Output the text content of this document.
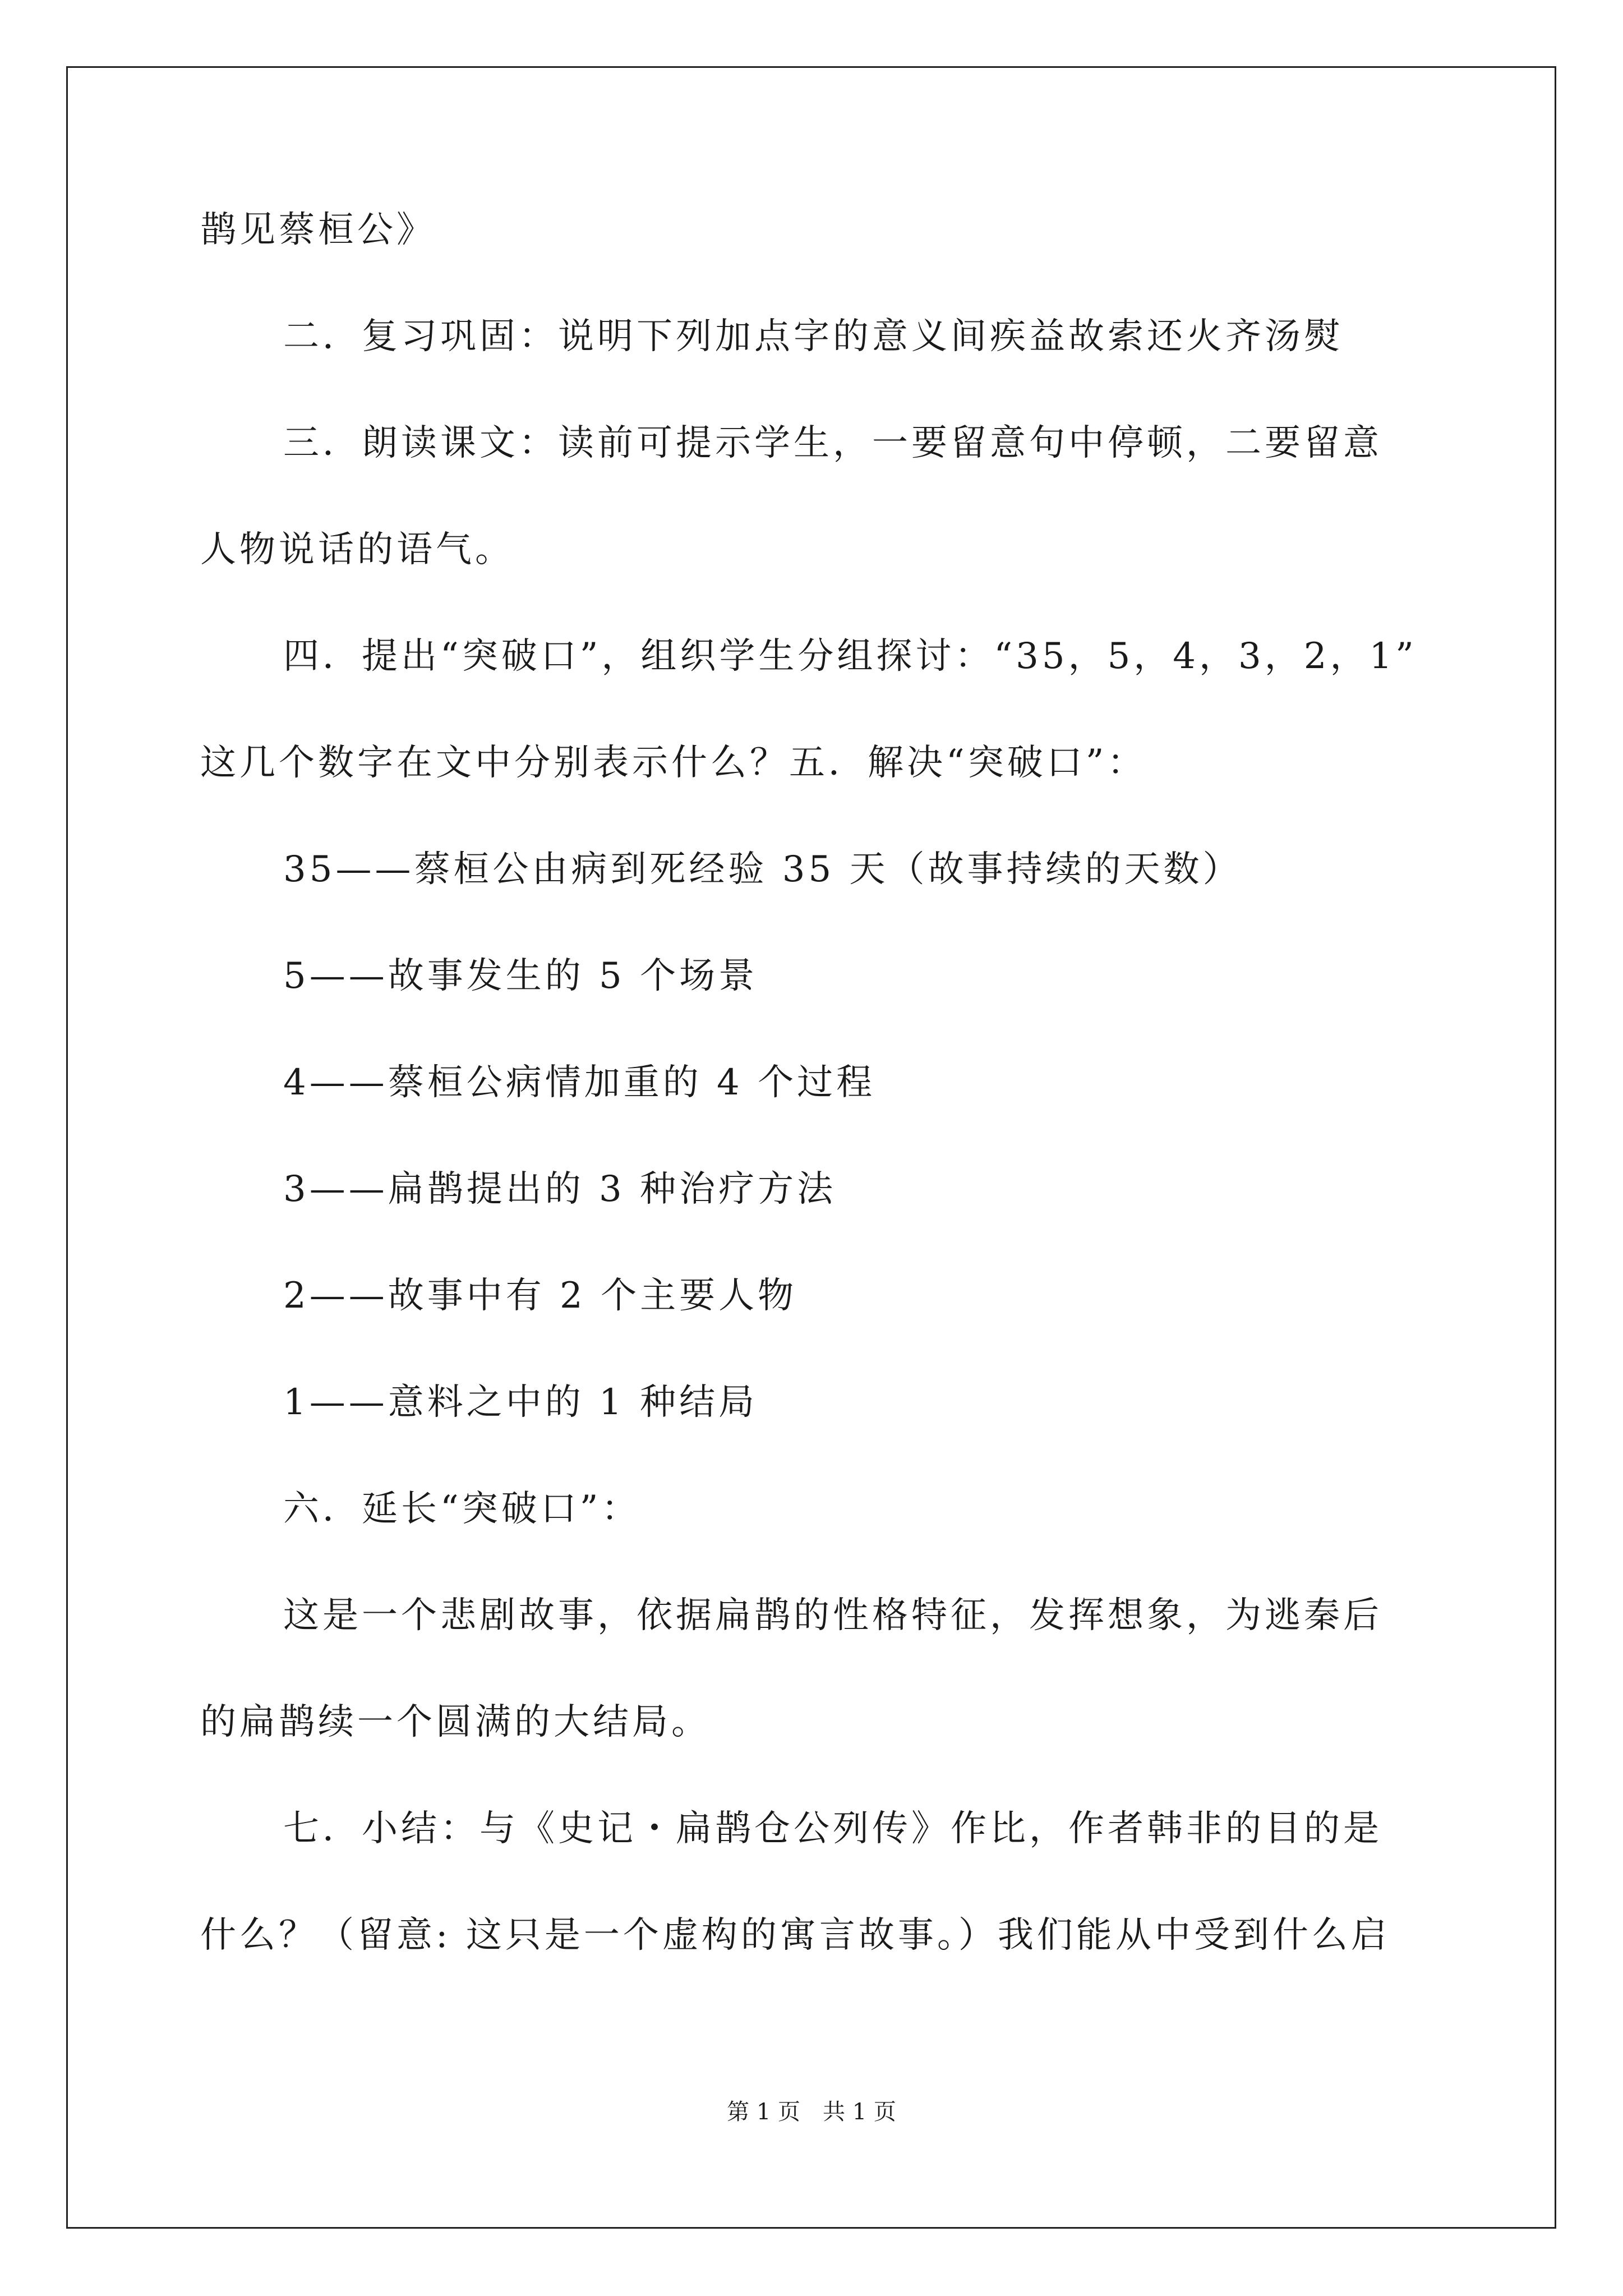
鹊见蔡桓公》
二．复习巩固：说明下列加点字的意义间疾益故索还火齐汤熨
三．朗读课文：读前可提示学生，一要留意句中停顿，二要留意
人物说话的语气。
四．提出“突破口”，组织学生分组探讨：“35，5，4，3，2，1”
这几个数字在文中分别表示什么？五．解决“突破口”：
35——蔡桓公由病到死经验 35 天（故事持续的天数）
5——故事发生的 5 个场景
4——蔡桓公病情加重的 4 个过程
3——扁鹊提出的 3 种治疗方法
2——故事中有 2 个主要人物
1——意料之中的 1 种结局
六．延长“突破口”：
这是一个悲剧故事，依据扁鹊的性格特征，发挥想象，为逃秦后
的扁鹊续一个圆满的大结局。
七．小结：与《史记・扁鹊仓公列传》作比，作者韩非的目的是
什么？（留意: 这只是一个虚构的寓言故事。）我们能从中受到什么启
第 1 页　共 1 页
